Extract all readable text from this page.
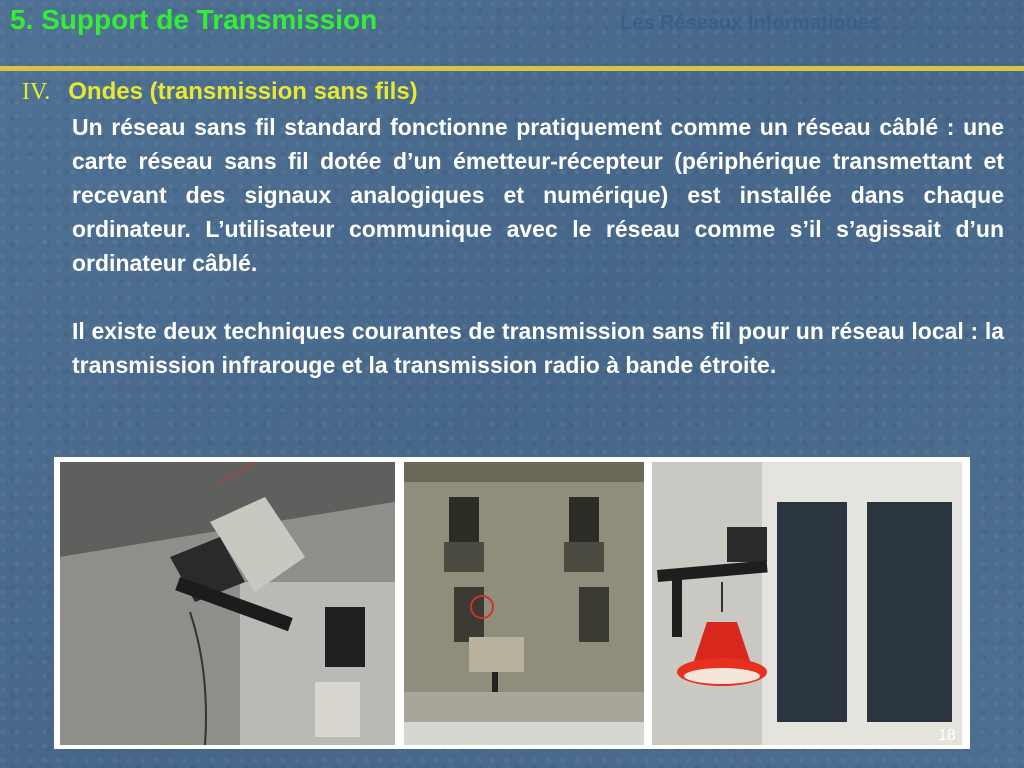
5. Support de Transmission	Les Réseaux Informatiques
IV. Ondes (transmission sans fils)

Un réseau sans fil standard fonctionne pratiquement comme un réseau câblé : une carte réseau sans fil dotée d’un émetteur-récepteur (périphérique transmettant et recevant des signaux analogiques et numérique) est installée dans chaque ordinateur. L’utilisateur communique avec le réseau comme s’il s’agissait d’un ordinateur câblé.

Il existe deux techniques courantes de transmission sans fil pour un réseau local : la transmission infrarouge et la transmission radio à bande étroite.

18
